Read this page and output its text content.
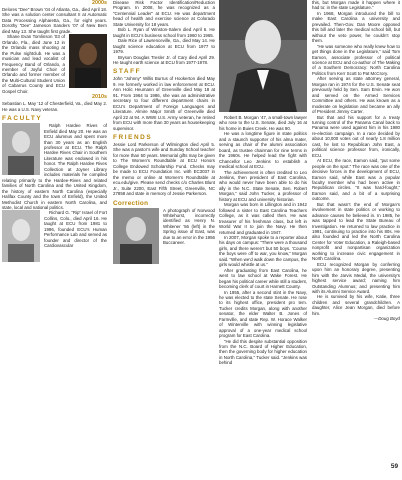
2000s

Delores “Dee” Brown ’04 of Atlanta, Ga., died April 18. She was a solution center consultant II at Automatic Data Processing Alpharetta, Ga., for eight years. Dorothy “Dee” Jameson Sanders ’07 of New Bern died May 13. She taught first grade.

Shane Evan Tomlinson ’03 of Orlando, Fla., died June 12 in the Orlando mass shooting at the Pulse nightclub. He was a musician and lead vocalist of Frequency Band of Orlando, a member of Joyful Choir of Orlando and former member of the Multi-Cultural Student Union of Cabarrus County and ECU Gospel Choir.

2010s

Sebastian L. May ’12 of Chesterfield, Va., died May 2. He was a U.S. Navy veteran.

FACULTY

Ralph Hardee Rives of Enfield died May 20. He was an ECU alumnus and spent more than 30 years as an English professor at ECU. The Ralph Hardee Rives Chair in Southern Literature was endowed in his honor. The Ralph Hardee Rives Collection at Joyner Library includes materials he compiled relating primarily to the Hardee-Rives and related families of North Carolina and the United Kingdom, the history of eastern North Carolina (especially Halifax County and the town of Enfield), the United Methodist Church in eastern North Carolina, and state, local and national politics.

Richard G. “Rip” Israel of Fort Collins, Colo., died April 16. He taught at ECU from 1981 to 1996, founded ECU’s Human Performance Lab and served as founder and director of the Cardiovascular

Disease Risk Factor Identification/Reduction Program. In 2008, he was recognized as a “Centennial Leader” at ECU. He was department head of health and exercise science at Colorado State University for 18 years.

Bob L. Ryan of Winston-Salem died April 6. He taught in ECU’s business school from 1960 to 1965.

Dale Rice of Lawrenceville, Ga., died May 14. He taught science education at ECU from 1977 to 1979.

Bryson Douglas Tresler Jr. of Cary died April 29. He taught earth science at ECU from 1977-1978.

STAFF

John “Johnny” Willis Burrus of Hookerton died May 9. He formerly worked in law enforcement at ECU. Ann Holic Heumann of Greenville died May 18 at 91. From 1964 to 1986, she was an administrative secretary to four different department chairs in ECU’s Department of Foreign Languages and Literature. Almire Major Smith of Greenville died April 22 at 94. A WWII U.S. Army veteran, he retired from ECU with more than 30 years as housekeeping supervisor.

FRIENDS

Jessie Lord Parkerson of Wilmington died April 5. She was a pastor’s wife and Sunday School teacher for more than 50 years. Memorial gifts may be given to The Women’s Roundtable at ECU Honors College Endowed Scholarship Fund. Checks may be made to ECU Foundation Inc. with EC3037 in the memo or online at Women’s Roundtable at ecu.edu/give. Please send checks c/o Charles Blunt Jr., Suite 2200, East Fifth Street, Greenville, NC 27858 and state in memory of Jessie Parkerson.

Correction

A photograph of Norwood Whitehurst, incorrectly identified as Henry N. Whitener ’56 (left) in the Spring issue of East, was due to an error in the 1956 Buccaneer.

Robert B. Morgan ’47, a small-town lawyer who rose to the U.S. Senate, died July 16 at his home in Buies Creek. He was 90.

He was a longtime figure in state politics and a staunch supporter of his alma mater, serving as chair of the alumni association board, as trustee chairman for nine terms in the 1960s. He helped lead the fight with Chancellor Leo Jenkins to establish a medical school at ECU.

The achievement is often credited to Leo Jenkins, then president of East Carolina, who would never have been able to do his ally in the N.C. State Senate, Sen. Robert Morgan,” said John Tucker, a professor of history at ECU and university historian.

Morgan was born in Lillington and in 1942 followed a sister to East Carolina Teachers College, as it was called then. He was treasurer of his freshman class, but left in World War II to join the Navy. He then returned and graduated in 1947.

In 2007, Morgan spoke to a reporter about his days on campus: “There were a thousand girls, and there weren’t but 50 boys. ‘Course the boys were off to war, you know,” Morgan said. “When we’d walk down the campus, the girls would whistle at us.”

After graduating from East Carolina, he went to law school at Wake Forest. He began his political career while still a student, becoming clerk of court in Harnett County.

In 1955, after a second stint in the Navy, he was elected to the state Senate. He rose to its highest office, president pro tem. Tucker credits Morgan, along with another senator, the elder Walter B. Jones of Farmville, and state Rep. W. Horace Walker of Winterville with winning legislative approval of a one-year medical school program for East Carolina.

“He did this despite substantial opposition from the N.C. Board of Higher Education, then the governing body for higher education in North Carolina,” Tucker said. “Jenkins was behind

this, but Morgan made it happen where it had to: in the state Legislature.”

In 1968, Morgan introduced the bill to make East Carolina a university and prevailed. Then-Gov. Dan Moore opposed this bill and later the medical school bill, but without the veto power, he couldn’t stop them.

“He was someone who really knew how to get things done in the Legislature,” said Tom Eamon, associate professor of political science at ECU and co-author of The Making of a Southern Democracy: North Carolina Politics from Kerr Scott to Pat McCrory.

After serving as state attorney general, Morgan ran in 1974 for the U.S. Senate seat previously held by Sen. Sam Ervin. He won and served on the Armed Services Committee and others. He was known as a moderate on legislation and became an ally of President Jimmy Carter.

But that and his support for a treaty turning control of the Panama Canal back to Panama were used against him in his 1980 re-election campaign. In a race decided by about 10,000 votes out of nearly 1.8 million cast, he lost to Republican John East, a political science professor from, ironically, ECU.

At ECU, the race, Eamon said, “put some people on the spot.” The race was one of the decisive forces in the development of ECU, Eamon said, while East was a popular faculty member who had been active in Republican circles. “It was hard-fought,” Eamon said, and a bit of a surprising outcome.

But that wasn’t the end of Morgan’s involvement in state politics or working to advance causes he believed in. In 1985, he was tapped to lead the State Bureau of Investigation. He returned to law practice in 1991, continuing to practice into his 80s. He also founded and led the North Carolina Center for Voter Education, a Raleigh-based nonprofit and nonpartisan organization working to increase civic engagement in North Carolina.

ECU recognized Morgan by conferring upon him an honorary degree, presenting him with the Jarvis Medal, the university’s highest service award; naming him Outstanding Alumnus; and presenting him with its Alumni Service Award.

He is survived by his wife, Katie, three children and several grandchildren. A daughter, Alice Jean Morgan, died before him.

—Doug Boyd
59
